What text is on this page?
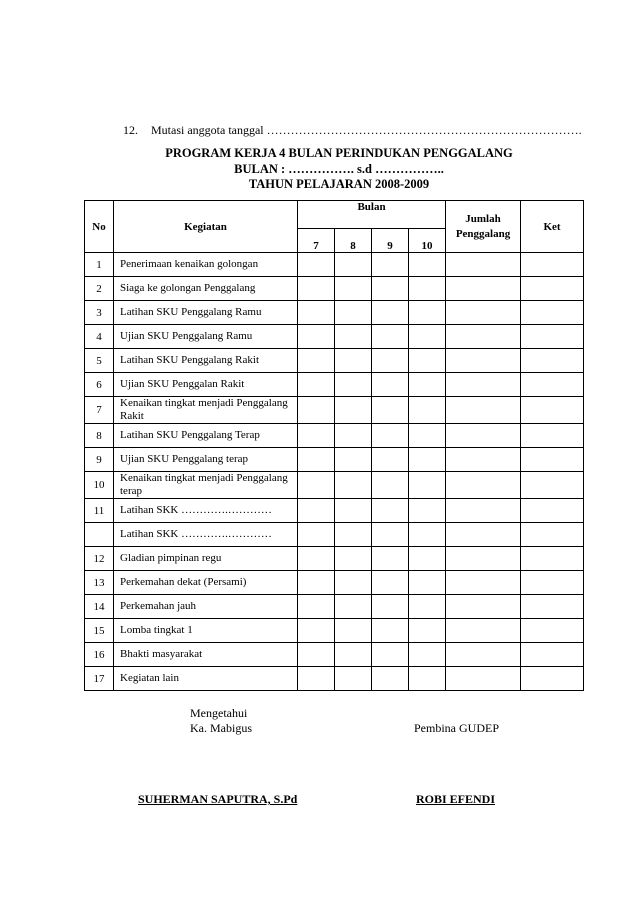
12. Mutasi anggota tanggal …………………………………………………………………….
PROGRAM KERJA 4 BULAN PERINDUKAN PENGGALANG
BULAN : ……………. s.d ……………..
TAHUN PELAJARAN 2008-2009
No	Kegiatan	Bulan				Jumlah Penggalang	Ket
		7	8	9	10		
1	Penerimaan kenaikan golongan						
2	Siaga ke golongan Penggalang						
3	Latihan SKU Penggalang Ramu						
4	Ujian SKU Penggalang Ramu						
5	Latihan SKU Penggalang Rakit						
6	Ujian SKU Penggalan Rakit						
7	Kenaikan tingkat menjadi Penggalang Rakit						
8	Latihan SKU Penggalang Terap						
9	Ujian SKU Penggalang terap						
10	Kenaikan tingkat menjadi Penggalang terap						
11	Latihan SKK ………….…………						
	Latihan SKK ………….…………						
12	Gladian pimpinan regu						
13	Perkemahan dekat (Persami)						
14	Perkemahan jauh						
15	Lomba tingkat 1						
16	Bhakti masyarakat						
17	Kegiatan lain						
Mengetahui
Ka. Mabigus	Pembina GUDEP
SUHERMAN SAPUTRA, S.Pd	ROBI EFENDI
